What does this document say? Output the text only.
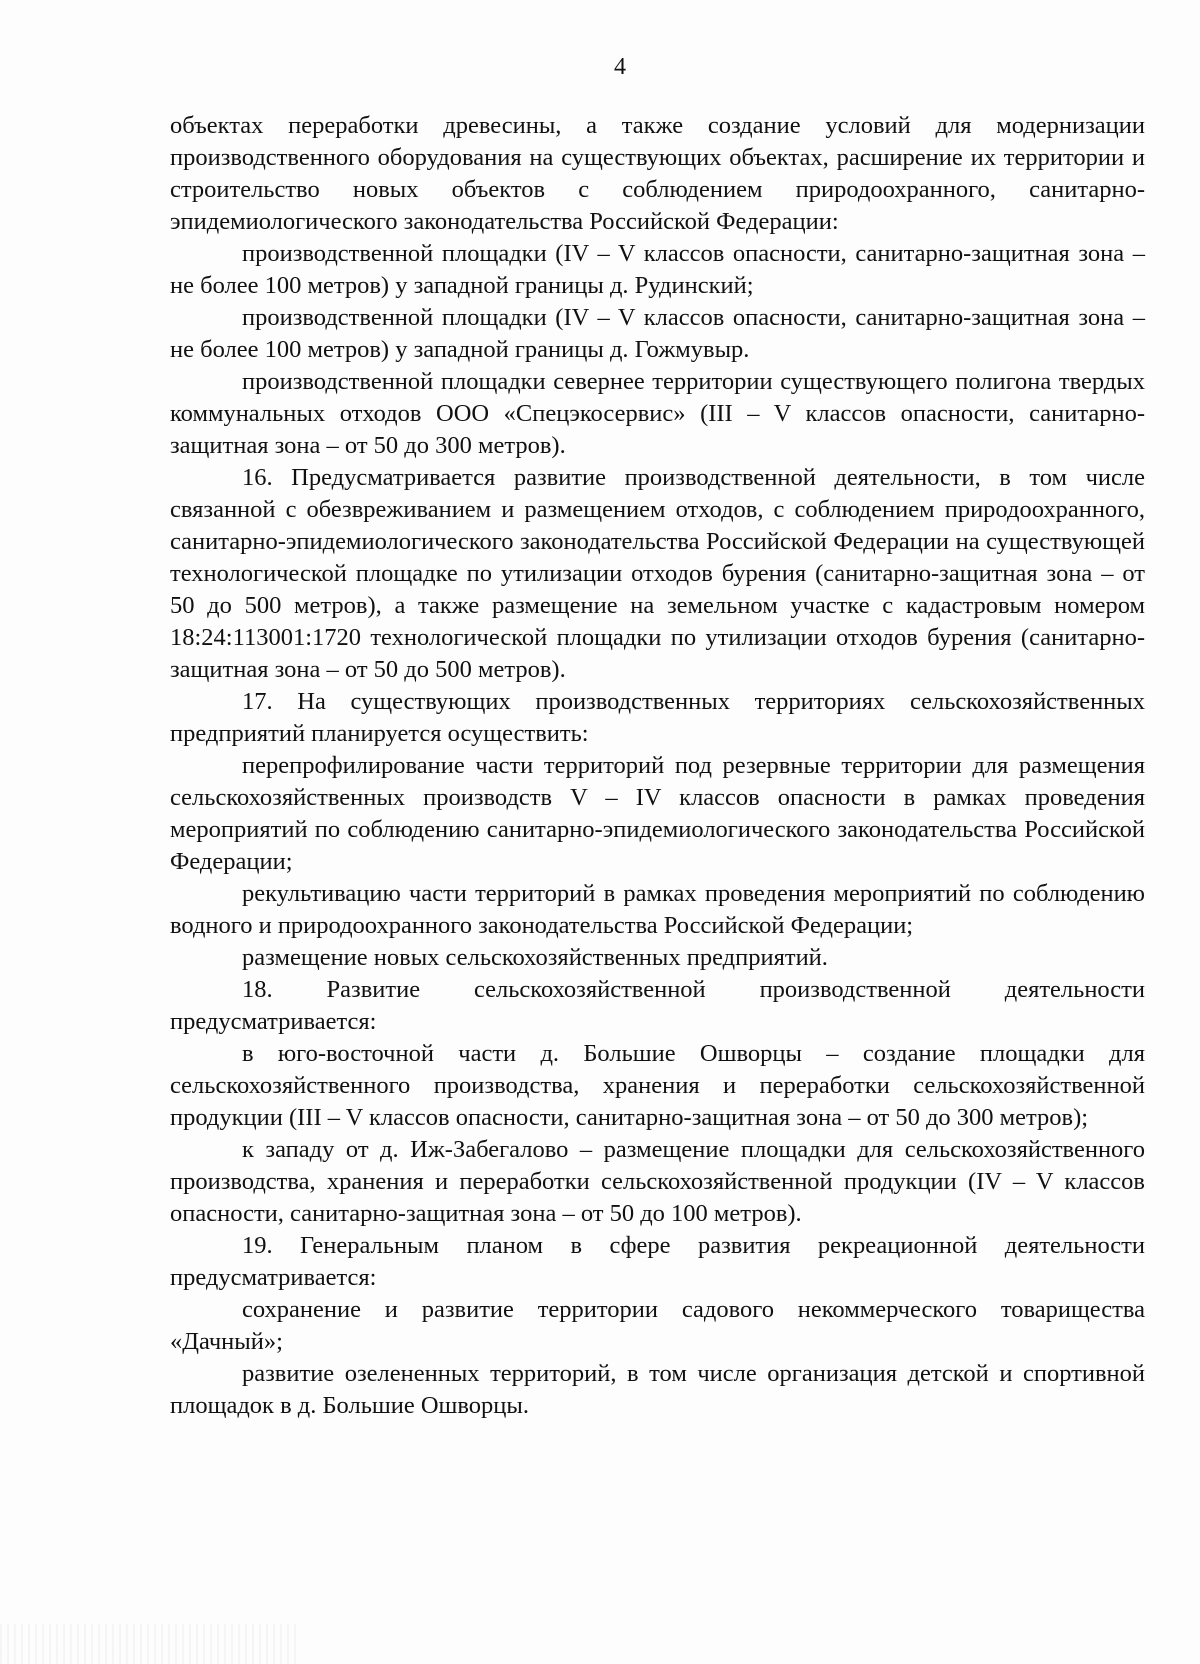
4

объектах переработки древесины, а также создание условий для модернизации производственного оборудования на существующих объектах, расширение их территории и строительство новых объектов с соблюдением природоохранного, санитарно-эпидемиологического законодательства Российской Федерации:

производственной площадки (IV – V классов опасности, санитарно-защитная зона – не более 100 метров) у западной границы д. Рудинский;

производственной площадки (IV – V классов опасности, санитарно-защитная зона – не более 100 метров) у западной границы д. Гожмувыр.

производственной площадки севернее территории существующего полигона твердых коммунальных отходов ООО «Спецэкосервис» (III – V классов опасности, санитарно-защитная зона – от 50 до 300 метров).

16. Предусматривается развитие производственной деятельности, в том числе связанной с обезвреживанием и размещением отходов, с соблюдением природоохранного, санитарно-эпидемиологического законодательства Российской Федерации на существующей технологической площадке по утилизации отходов бурения (санитарно-защитная зона – от 50 до 500 метров), а также размещение на земельном участке с кадастровым номером 18:24:113001:1720 технологической площадки по утилизации отходов бурения (санитарно-защитная зона – от 50 до 500 метров).

17. На существующих производственных территориях сельскохозяйственных предприятий планируется осуществить:

перепрофилирование части территорий под резервные территории для размещения сельскохозяйственных производств V – IV классов опасности в рамках проведения мероприятий по соблюдению санитарно-эпидемиологического законодательства Российской Федерации;

рекультивацию части территорий в рамках проведения мероприятий по соблюдению водного и природоохранного законодательства Российской Федерации;

размещение новых сельскохозяйственных предприятий.

18. Развитие сельскохозяйственной производственной деятельности предусматривается:

в юго-восточной части д. Большие Ошворцы – создание площадки для сельскохозяйственного производства, хранения и переработки сельскохозяйственной продукции (III – V классов опасности, санитарно-защитная зона – от 50 до 300 метров);

к западу от д. Иж-Забегалово – размещение площадки для сельскохозяйственного производства, хранения и переработки сельскохозяйственной продукции (IV – V классов опасности, санитарно-защитная зона – от 50 до 100 метров).

19. Генеральным планом в сфере развития рекреационной деятельности предусматривается:

сохранение и развитие территории садового некоммерческого товарищества «Дачный»;

развитие озелененных территорий, в том числе организация детской и спортивной площадок в д. Большие Ошворцы.
